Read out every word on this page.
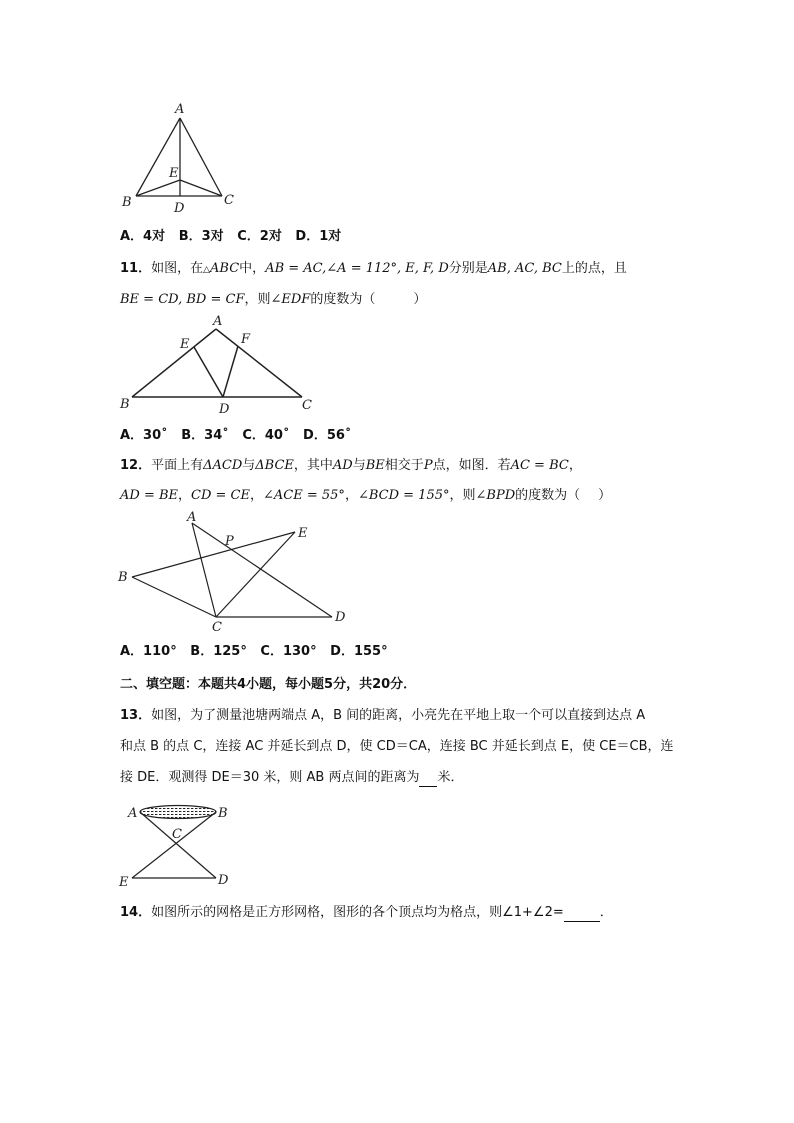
A
B	C
D
E
A．4对 B．3对 C．2对 D．1对
11．如图，在△ABC中，AB = AC,∠A = 112°, E, F, D分别是AB, AC, BC上的点，且
BE = CD, BD = CF，则∠EDF的度数为（	）
A
B	C
D
E	F
A．30˚ B．34˚ C．40˚ D．56˚
12．平面上有ΔACD与ΔBCE，其中AD与BE相交于P点，如图．若AC = BC，
AD = BE，CD = CE，∠ACE = 55°，∠BCD = 155°，则∠BPD的度数为（ ）
A
B
C
D
E
P
A．110° B．125° C．130° D．155°
二、填空题：本题共4小题，每小题5分，共20分．
13．如图，为了测量池塘两端点 A，B 间的距离，小亮先在平地上取一个可以直接到达点 A
和点 B 的点 C，连接 AC 并延长到点 D，使 CD＝CA，连接 BC 并延长到点 E，使 CE＝CB，连
接 DE．观测得 DE＝30 米，则 AB 两点间的距离为 米．
A	B
C
D
E
14．如图所示的网格是正方形网格，图形的各个顶点均为格点，则∠1+∠2=	．
